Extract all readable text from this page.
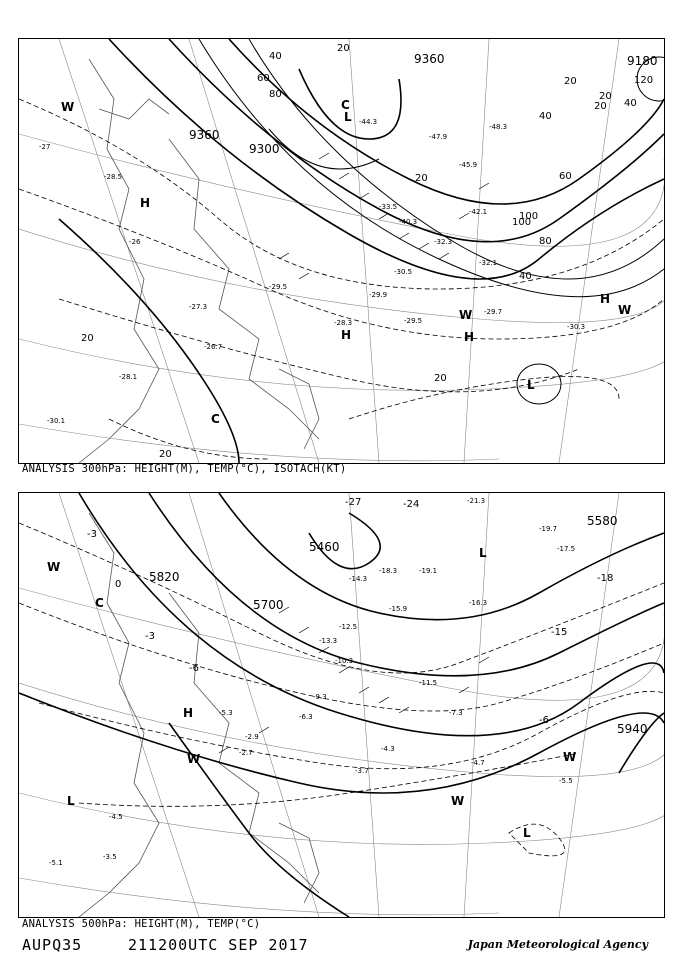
9360
9300
9360	9180
20
40
60
80
100
60
40
20
20
40
80
100
120
40
20
20
20
20
20
H
H	H
H
L
L
C
C
W
W
W
-27
-28.5
-26
-27.3
-28.1
-29.5
-30.1
-44.3
-45.9
-47.9
-48.3
-32.3
-32.1
-30.5
-29.9
-29.7
-29.5
-28.3	-30.3
-26.7
-33.5
-40.3
-42.1
ANALYSIS 300hPa: HEIGHT(M), TEMP(°C), ISOTACH(KT)
5460
5580
5700
5820
5940
-24
-18
-15
-6
-3
0
-3
-6
-27
H
L
L
L
C
W
W	W
W
-18.3	-19.1
-16.3
-14.3
-12.5
-11.5
-9.3
-7.3
-6.3
-4.7
-4.3
-3.7
-5.5
-2.9
-2.7
-5.3
-4.5
-5.1
-3.5
-21.3
-19.7
-17.5
-15.9
-13.3
-10.3
ANALYSIS 500hPa: HEIGHT(M), TEMP(°C)
AUPQ35	211200UTC SEP 2017	Japan Meteorological Agency
